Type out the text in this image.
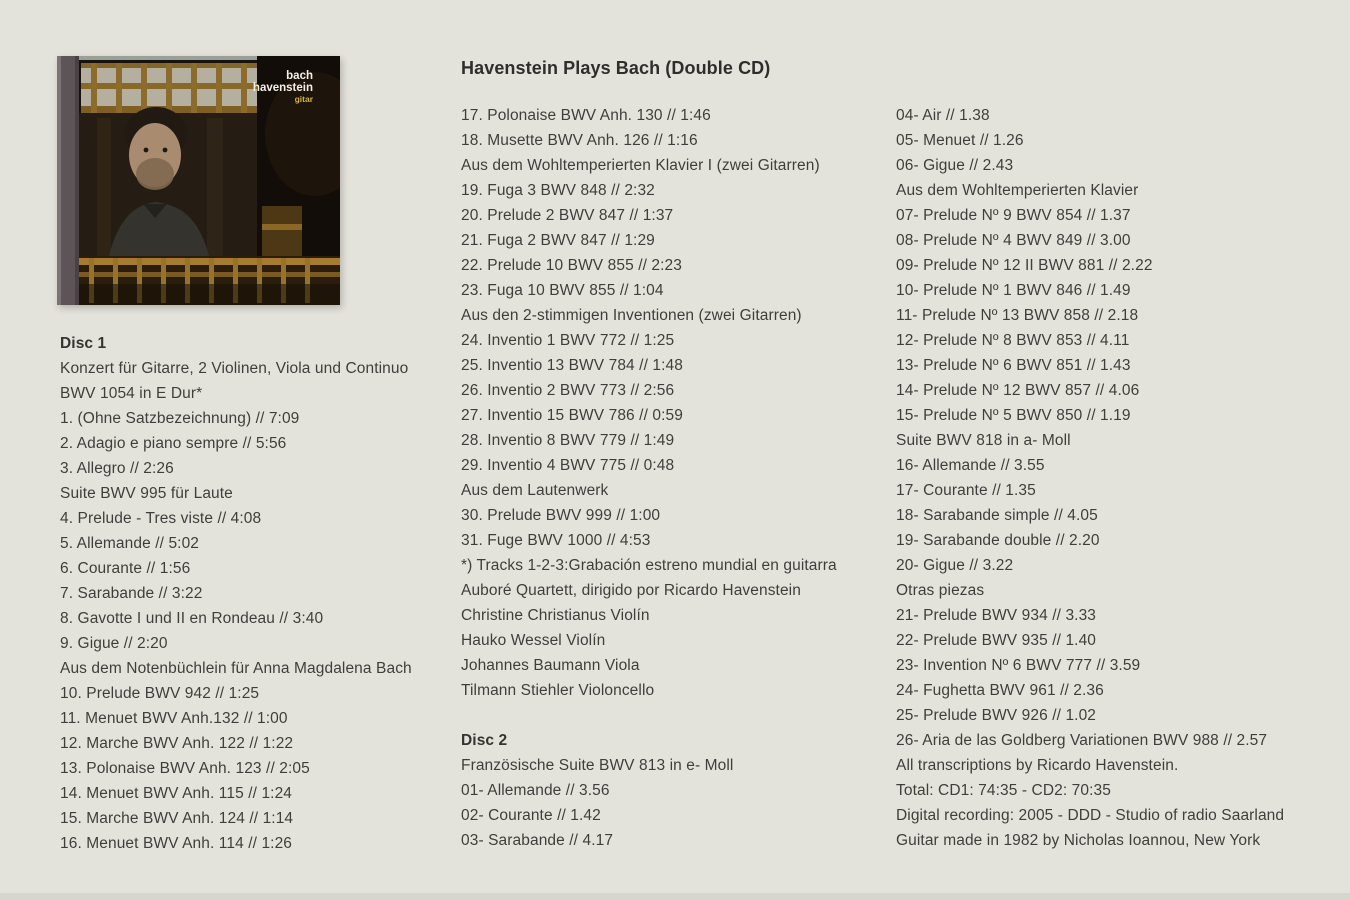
bach
havenstein
gitar
Havenstein Plays Bach (Double CD)
Disc 1
Konzert für Gitarre, 2 Violinen, Viola und Continuo
BWV 1054 in E Dur*
1. (Ohne Satzbezeichnung) // 7:09
2. Adagio e piano sempre // 5:56
3. Allegro // 2:26
Suite BWV 995 für Laute
4. Prelude - Tres viste // 4:08
5. Allemande // 5:02
6. Courante // 1:56
7. Sarabande // 3:22
8. Gavotte I und II en Rondeau // 3:40
9. Gigue // 2:20
Aus dem Notenbüchlein für Anna Magdalena Bach
10. Prelude BWV 942 // 1:25
11. Menuet BWV Anh.132 // 1:00
12. Marche BWV Anh. 122 // 1:22
13. Polonaise BWV Anh. 123 // 2:05
14. Menuet BWV Anh. 115 // 1:24
15. Marche BWV Anh. 124 // 1:14
16. Menuet BWV Anh. 114 // 1:26
17. Polonaise BWV Anh. 130 // 1:46
18. Musette BWV Anh. 126 // 1:16
Aus dem Wohltemperierten Klavier I (zwei Gitarren)
19. Fuga 3 BWV 848 // 2:32
20. Prelude 2 BWV 847 // 1:37
21. Fuga 2 BWV 847 // 1:29
22. Prelude 10 BWV 855 // 2:23
23. Fuga 10 BWV 855 // 1:04
Aus den 2-stimmigen Inventionen (zwei Gitarren)
24. Inventio 1 BWV 772 // 1:25
25. Inventio 13 BWV 784 // 1:48
26. Inventio 2 BWV 773 // 2:56
27. Inventio 15 BWV 786 // 0:59
28. Inventio 8 BWV 779 // 1:49
29. Inventio 4 BWV 775 // 0:48
Aus dem Lautenwerk
30. Prelude BWV 999 // 1:00
31. Fuge BWV 1000 // 4:53
*) Tracks 1-2-3:Grabación estreno mundial en guitarra
Auboré Quartett, dirigido por Ricardo Havenstein
Christine Christianus Violín
Hauko Wessel Violín
Johannes Baumann Viola
Tilmann Stiehler Violoncello
Disc 2
Französische Suite BWV 813 in e- Moll
01- Allemande // 3.56
02- Courante // 1.42
03- Sarabande // 4.17
04- Air // 1.38
05- Menuet // 1.26
06- Gigue // 2.43
Aus dem Wohltemperierten Klavier
07- Prelude Nº 9 BWV 854 // 1.37
08- Prelude Nº 4 BWV 849 // 3.00
09- Prelude Nº 12 II BWV 881 // 2.22
10- Prelude Nº 1 BWV 846 // 1.49
11- Prelude Nº 13 BWV 858 // 2.18
12- Prelude Nº 8 BWV 853 // 4.11
13- Prelude Nº 6 BWV 851 // 1.43
14- Prelude Nº 12 BWV 857 // 4.06
15- Prelude Nº 5 BWV 850 // 1.19
Suite BWV 818 in a- Moll
16- Allemande // 3.55
17- Courante // 1.35
18- Sarabande simple // 4.05
19- Sarabande double // 2.20
20- Gigue // 3.22
Otras piezas
21- Prelude BWV 934 // 3.33
22- Prelude BWV 935 // 1.40
23- Invention Nº 6 BWV 777 // 3.59
24- Fughetta BWV 961 // 2.36
25- Prelude BWV 926 // 1.02
26- Aria de las Goldberg Variationen BWV 988 // 2.57
All transcriptions by Ricardo Havenstein.
Total: CD1: 74:35 - CD2: 70:35
Digital recording: 2005 - DDD - Studio of radio Saarland
Guitar made in 1982 by Nicholas Ioannou, New York
